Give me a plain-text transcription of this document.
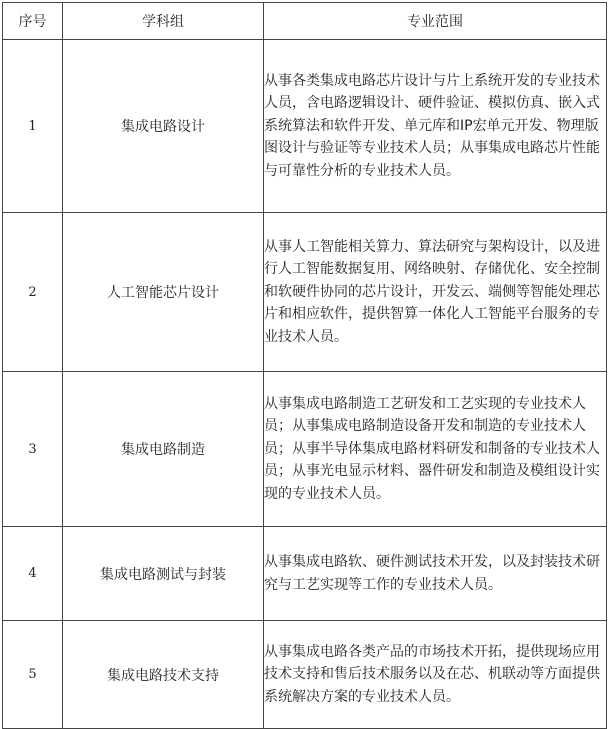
序号	学科组	专业范围
1	集成电路设计	从事各类集成电路芯片设计与片上系统开发的专业技术人员，含电路逻辑设计、硬件验证、模拟仿真、嵌入式系统算法和软件开发、单元库和IP宏单元开发、物理版图设计与验证等专业技术人员；从事集成电路芯片性能与可靠性分析的专业技术人员。
2	人工智能芯片设计	从事人工智能相关算力、算法研究与架构设计，以及进行人工智能数据复用、网络映射、存储优化、安全控制和软硬件协同的芯片设计，开发云、端侧等智能处理芯片和相应软件，提供智算一体化人工智能平台服务的专业技术人员。
3	集成电路制造	从事集成电路制造工艺研发和工艺实现的专业技术人员；从事集成电路制造设备开发和制造的专业技术人员；从事半导体集成电路材料研发和制备的专业技术人员；从事光电显示材料、器件研发和制造及模组设计实现的专业技术人员。
4	集成电路测试与封装	从事集成电路软、硬件测试技术开发，以及封装技术研究与工艺实现等工作的专业技术人员。
5	集成电路技术支持	从事集成电路各类产品的市场技术开拓，提供现场应用技术支持和售后技术服务以及在芯、机联动等方面提供系统解决方案的专业技术人员。
